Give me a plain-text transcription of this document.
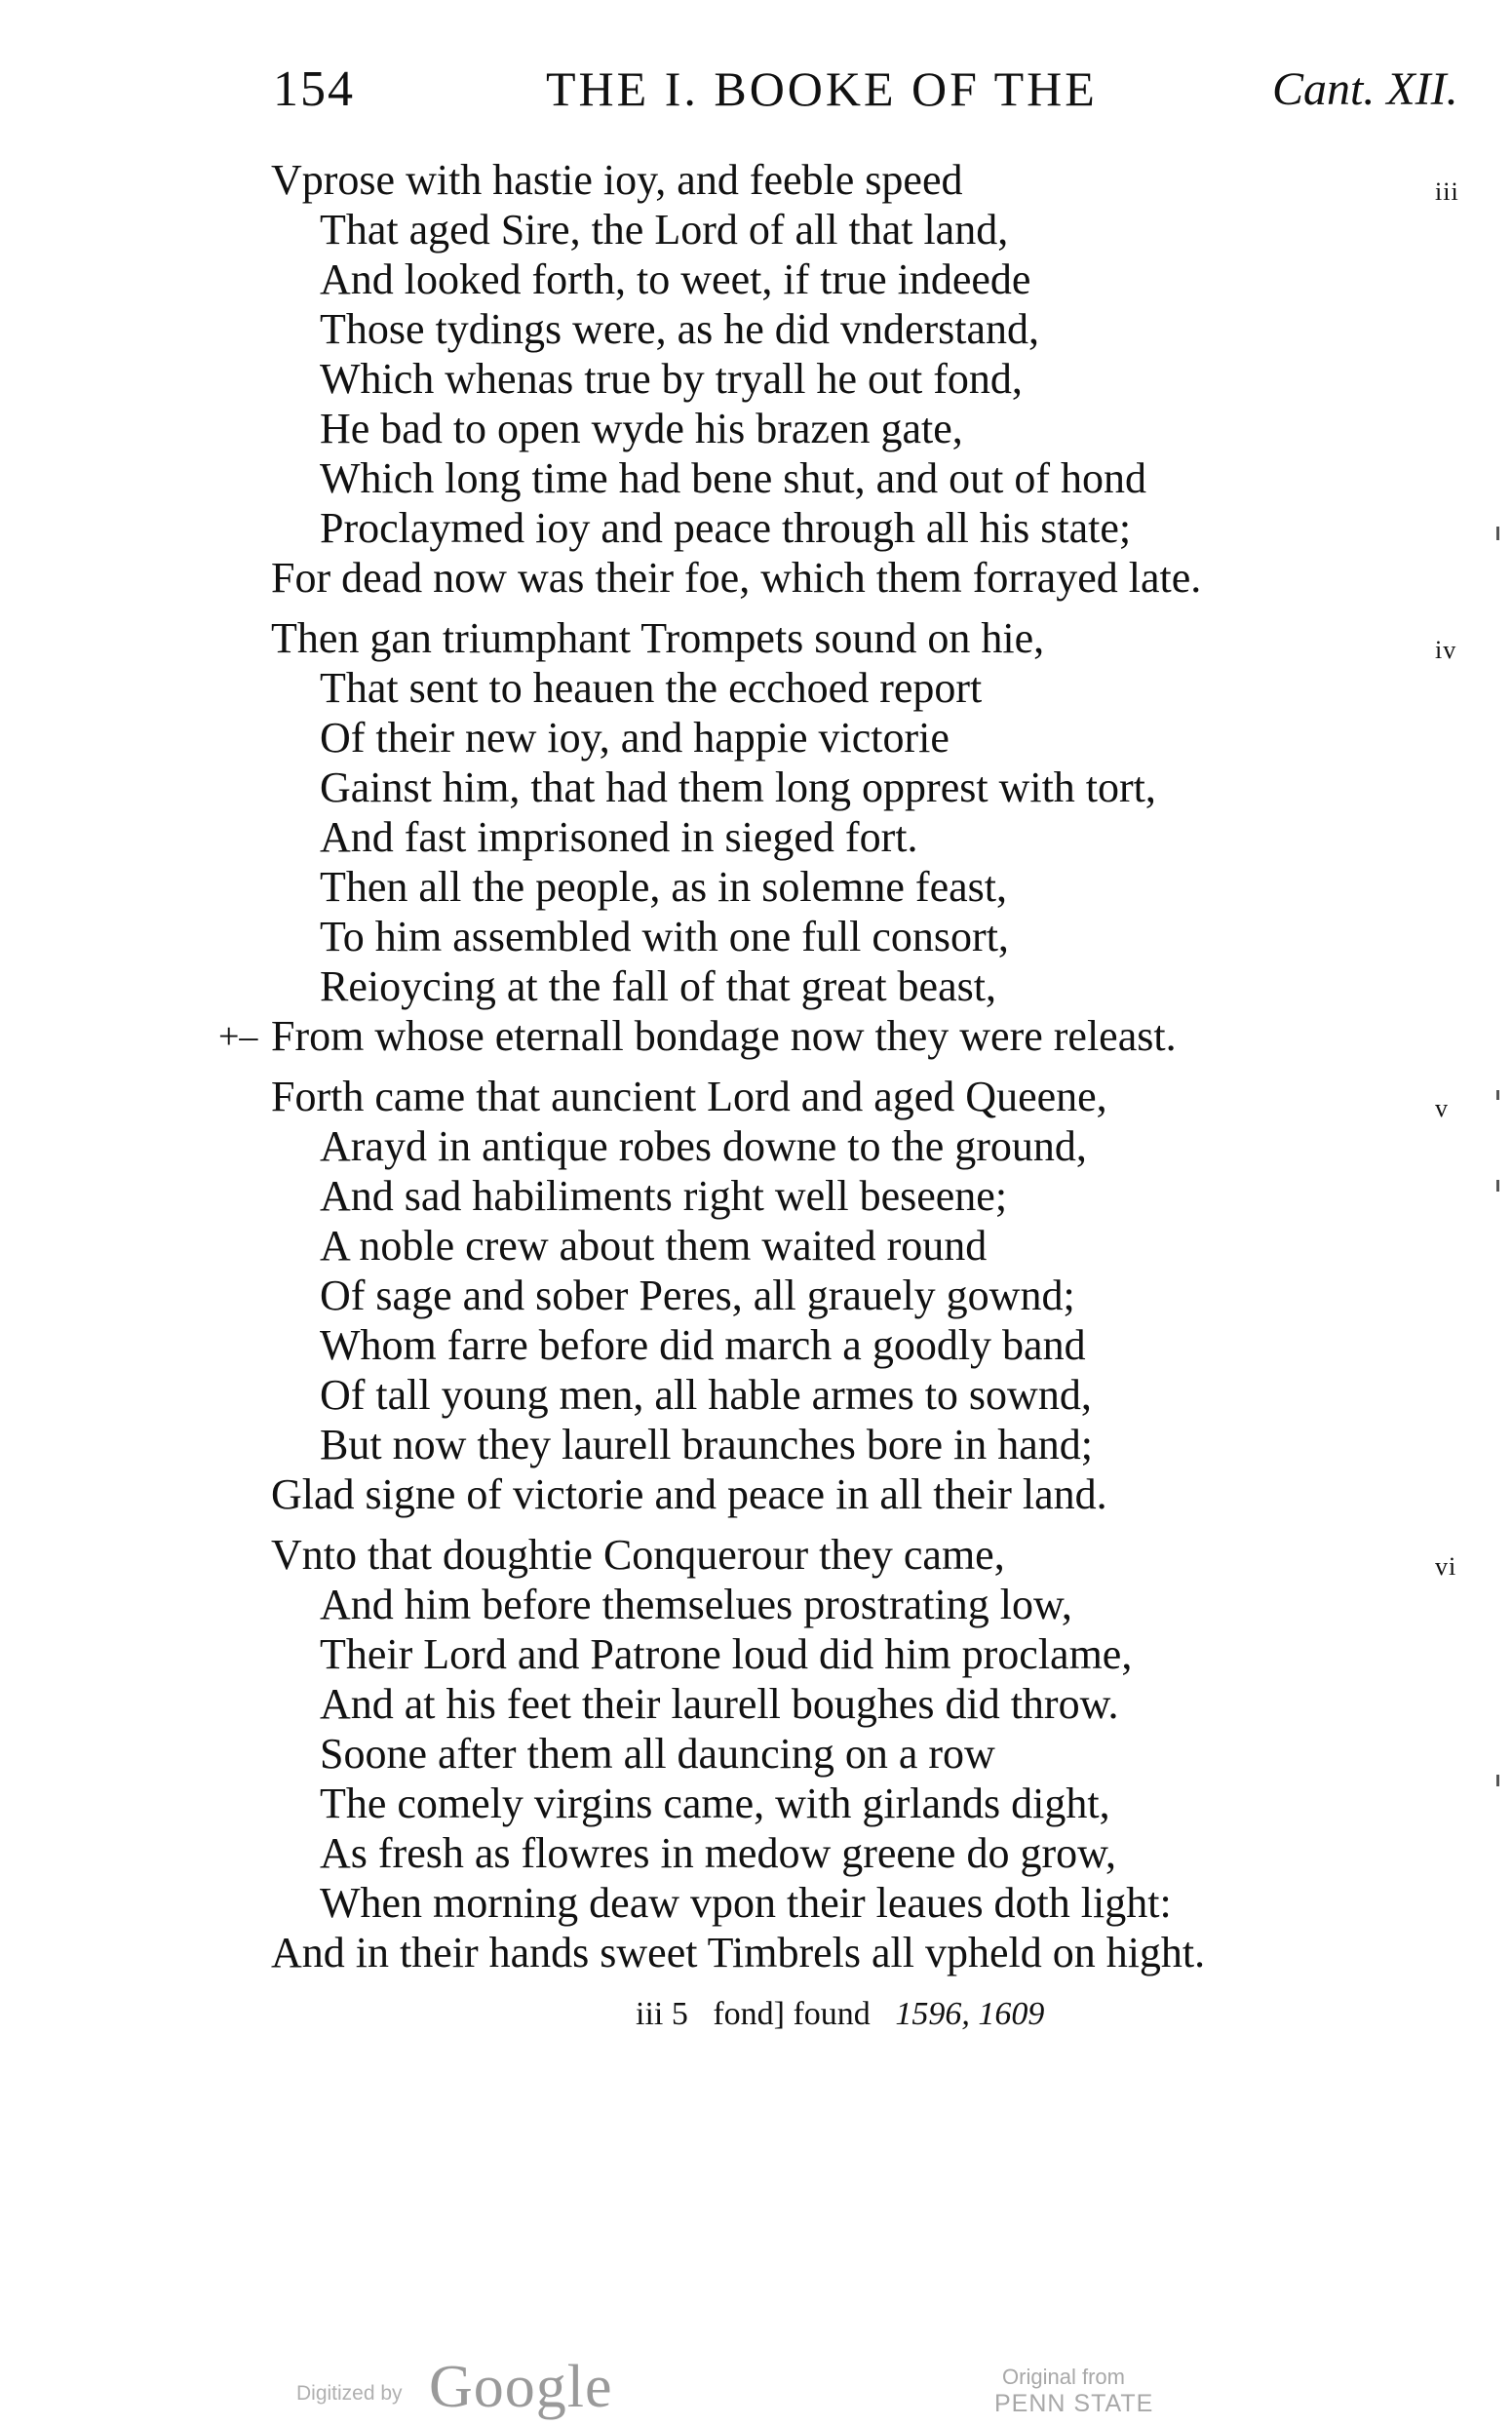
154	THE I. BOOKE OF THE	Cant. XII.
iii
Vprose with hastie ioy, and feeble speed
That aged Sire, the Lord of all that land,
And looked forth, to weet, if true indeede
Those tydings were, as he did vnderstand,
Which whenas true by tryall he out fond,
He bad to open wyde his brazen gate,
Which long time had bene shut, and out of hond
Proclaymed ioy and peace through all his state;
For dead now was their foe, which them forrayed late.
iv
Then gan triumphant Trompets sound on hie,
That sent to heauen the ecchoed report
Of their new ioy, and happie victorie
Gainst him, that had them long opprest with tort,
And fast imprisoned in sieged fort.
Then all the people, as in solemne feast,
To him assembled with one full consort,
Reioycing at the fall of that great beast,
+– From whose eternall bondage now they were releast.
v
Forth came that auncient Lord and aged Queene,
Arayd in antique robes downe to the ground,
And sad habiliments right well beseene;
A noble crew about them waited round
Of sage and sober Peres, all grauely gownd;
Whom farre before did march a goodly band
Of tall young men, all hable armes to sownd,
But now they laurell braunches bore in hand;
Glad signe of victorie and peace in all their land.
vi
Vnto that doughtie Conquerour they came,
And him before themselues prostrating low,
Their Lord and Patrone loud did him proclame,
And at his feet their laurell boughes did throw.
Soone after them all dauncing on a row
The comely virgins came, with girlands dight,
As fresh as flowres in medow greene do grow,
When morning deaw vpon their leaues doth light:
And in their hands sweet Timbrels all vpheld on hight.
iii 5 fond] found 1596, 1609
Digitized by Google	Original from
PENN STATE
